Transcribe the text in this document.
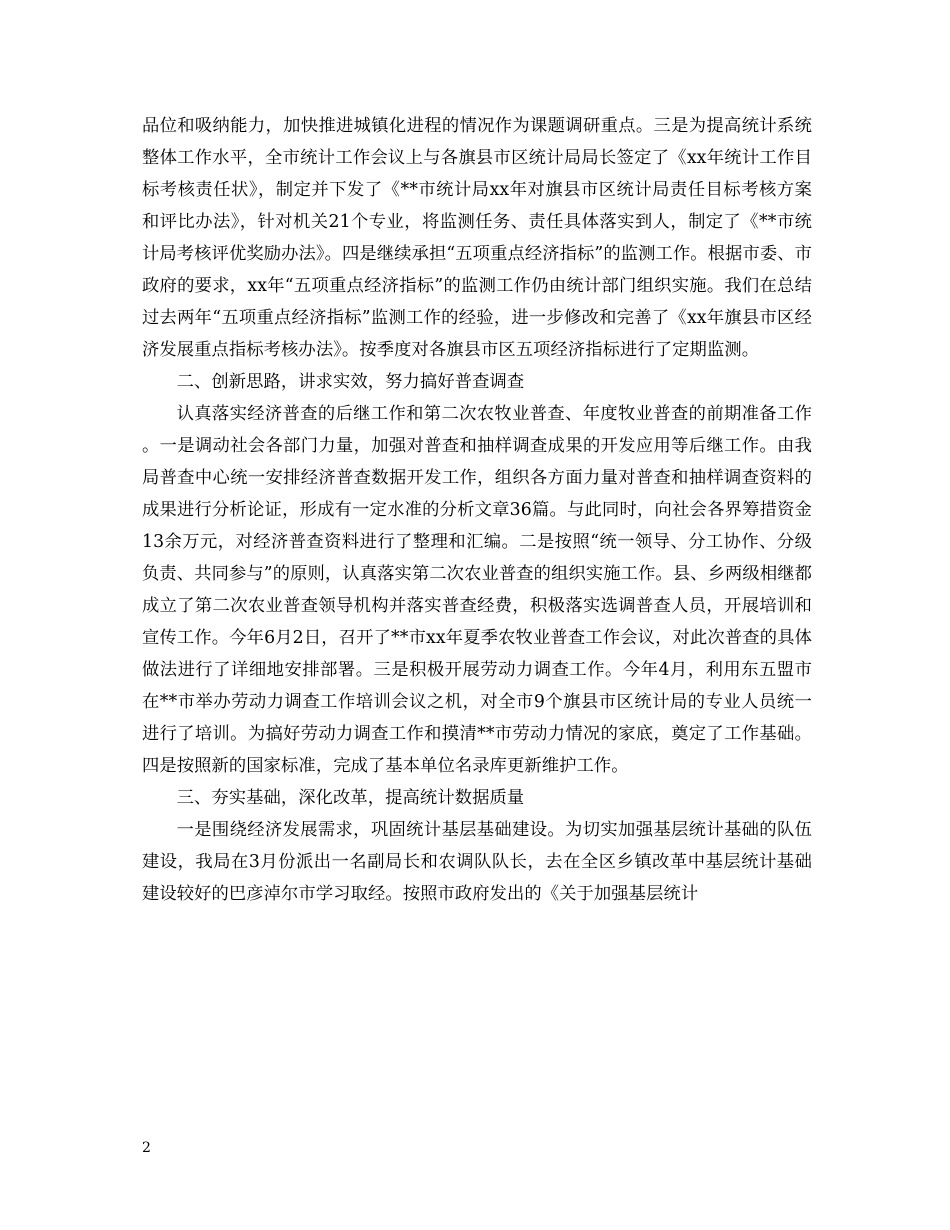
品位和吸纳能力，加快推进城镇化进程的情况作为课题调研重点。三是为提高统计系统整体工作水平，全市统计工作会议上与各旗县市区统计局局长签定了《xx年统计工作目标考核责任状》，制定并下发了《**市统计局xx年对旗县市区统计局责任目标考核方案和评比办法》，针对机关21个专业，将监测任务、责任具体落实到人，制定了《**市统计局考核评优奖励办法》。四是继续承担“五项重点经济指标”的监测工作。根据市委、市政府的要求，xx年“五项重点经济指标”的监测工作仍由统计部门组织实施。我们在总结过去两年“五项重点经济指标”监测工作的经验，进一步修改和完善了《xx年旗县市区经济发展重点指标考核办法》。按季度对各旗县市区五项经济指标进行了定期监测。

二、创新思路，讲求实效，努力搞好普查调查

认真落实经济普查的后继工作和第二次农牧业普查、年度牧业普查的前期准备工作。一是调动社会各部门力量，加强对普查和抽样调查成果的开发应用等后继工作。由我局普查中心统一安排经济普查数据开发工作，组织各方面力量对普查和抽样调查资料的成果进行分析论证，形成有一定水准的分析文章36篇。与此同时，向社会各界筹措资金13余万元，对经济普查资料进行了整理和汇编。二是按照“统一领导、分工协作、分级负责、共同参与”的原则，认真落实第二次农业普查的组织实施工作。县、乡两级相继都成立了第二次农业普查领导机构并落实普查经费，积极落实选调普查人员，开展培训和宣传工作。今年6月2日，召开了**市xx年夏季农牧业普查工作会议，对此次普查的具体做法进行了详细地安排部署。三是积极开展劳动力调查工作。今年4月，利用东五盟市在**市举办劳动力调查工作培训会议之机，对全市9个旗县市区统计局的专业人员统一进行了培训。为搞好劳动力调查工作和摸清**市劳动力情况的家底，奠定了工作基础。四是按照新的国家标准，完成了基本单位名录库更新维护工作。

三、夯实基础，深化改革，提高统计数据质量

一是围绕经济发展需求，巩固统计基层基础建设。为切实加强基层统计基础的队伍建设，我局在3月份派出一名副局长和农调队队长，去在全区乡镇改革中基层统计基础建设较好的巴彦淖尔市学习取经。按照市政府发出的《关于加强基层统计

2
